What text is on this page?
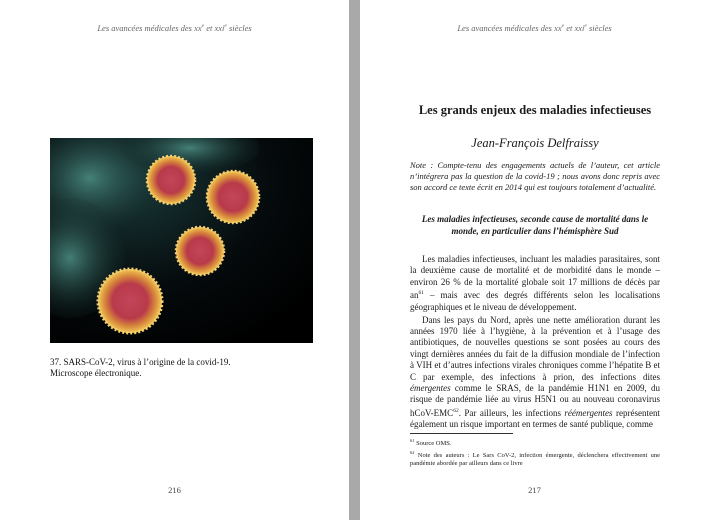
Les avancées médicales des $xx^e$ et xxi$^e$ siècles
216
37. SARS-CoV-2, virus à l’origine de la covid-19.
Microscope électronique.
Les avancées médicales des $xx^e$ et xxi$^e$ siècles
217
Les grands enjeux des maladies infectieuses
Jean-François Delfraissy
Note : Compte-tenu des engagements actuels de l’auteur, cet article n’intégrera pas la question de la covid-19 ; nous avons donc repris avec son accord ce texte écrit en 2014 qui est toujours totalement d’actualité.
Les maladies infectieuses, seconde cause de mortalité dans le monde, en particulier dans l’hémisphère Sud

Les maladies infectieuses, incluant les maladies parasitaires, sont la deuxième cause de mortalité et de morbidité dans le monde – environ 26 % de la mortalité globale soit 17 millions de décès par $an^{61}$ – mais avec des degrés différents selon les localisations géographiques et le niveau de développement.

Dans les pays du Nord, après une nette amélioration durant les années 1970 liée à l’hygiène, à la prévention et à l’usage des antibiotiques, de nouvelles questions se sont posées au cours des vingt dernières années du fait de la diffusion mondiale de l’infection à VIH et d’autres infections virales chroniques comme l’hépatite B et C par exemple, des infections à prion, des infections dites émergentes comme le SRAS, de la pandémie H1N1 en 2009, du risque de pandémie liée au virus H5N1 ou au nouveau coronavirus hCoV-EMC$^{62}$. Par ailleurs, les infections réémergentes représentent également un risque important en termes de santé publique, comme

$^{61}$ Source OMS.
$^{62}$ Note des auteurs : Le Sars CoV-2, infection émergente, déclenchera effectivement une pandémie abordée par ailleurs dans ce livre
